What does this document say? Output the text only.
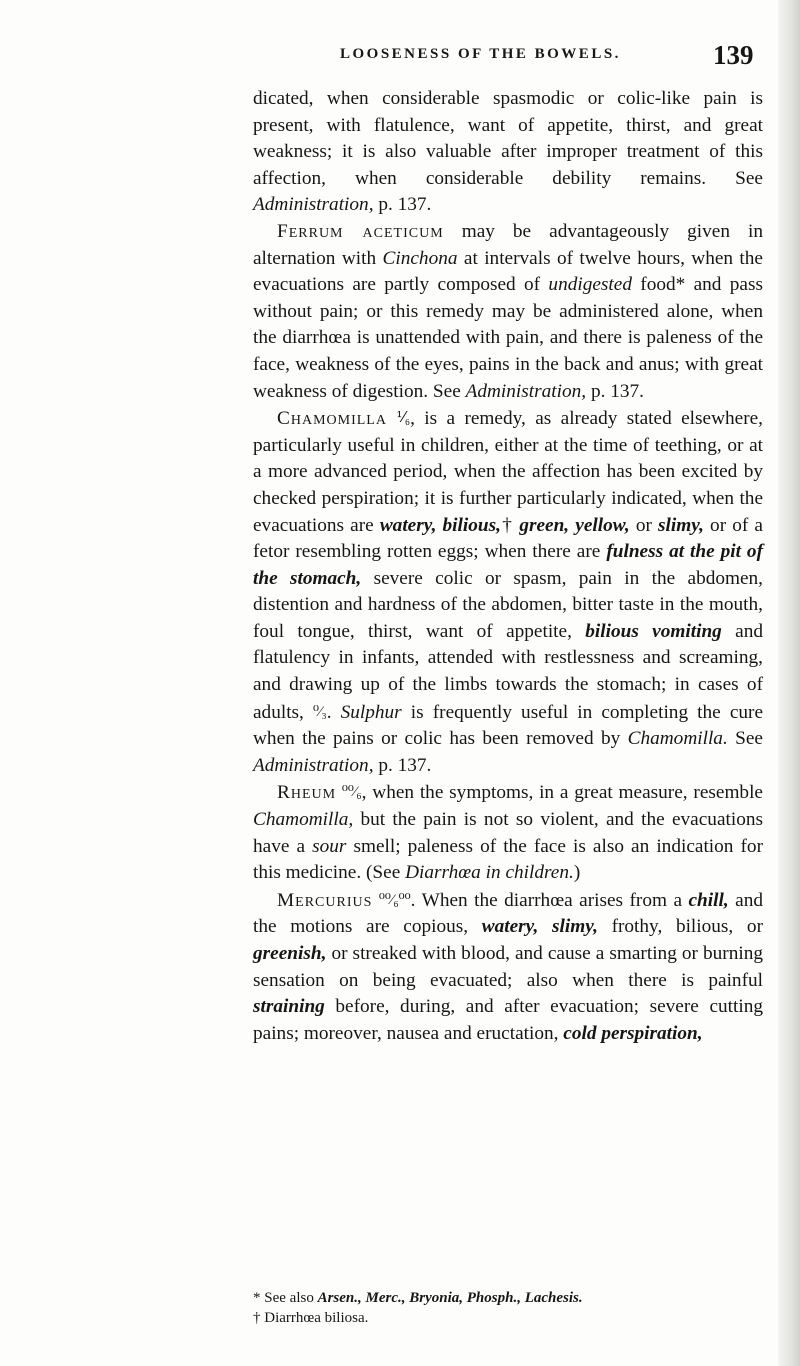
LOOSENESS OF THE BOWELS.	139

dicated, when considerable spasmodic or colic-like pain is present, with flatulence, want of appetite, thirst, and great weakness; it is also valuable after improper treatment of this affection, when considerable debility remains. See Administration, p. 137.

Ferrum aceticum may be advantageously given in alternation with Cinchona at intervals of twelve hours, when the evacuations are partly composed of undigested food* and pass without pain; or this remedy may be administered alone, when the diarrhœa is unattended with pain, and there is paleness of the face, weakness of the eyes, pains in the back and anus; with great weakness of digestion. See Administration, p. 137.

Chamomilla ⅟₆, is a remedy, as already stated elsewhere, particularly useful in children, either at the time of teething, or at a more advanced period, when the affection has been excited by checked perspiration; it is further particularly indicated, when the evacuations are watery, bilious,† green, yellow, or slimy, or of a fetor resembling rotten eggs; when there are fulness at the pit of the stomach, severe colic or spasm, pain in the abdomen, distention and hardness of the abdomen, bitter taste in the mouth, foul tongue, thirst, want of appetite, bilious vomiting and flatulency in infants, attended with restlessness and screaming, and drawing up of the limbs towards the stomach; in cases of adults, ⁰⁄₃. Sulphur is frequently useful in completing the cure when the pains or colic has been removed by Chamomilla. See Administration, p. 137.

Rheum ⁰⁰⁄₆, when the symptoms, in a great measure, resemble Chamomilla, but the pain is not so violent, and the evacuations have a sour smell; paleness of the face is also an indication for this medicine. (See Diarrhœa in children.)

Mercurius ⁰⁰⁄₆⁰⁰. When the diarrhœa arises from a chill, and the motions are copious, watery, slimy, frothy, bilious, or greenish, or streaked with blood, and cause a smarting or burning sensation on being evacuated; also when there is painful straining before, during, and after evacuation; severe cutting pains; moreover, nausea and eructation, cold perspiration,

* See also Arsen., Merc., Bryonia, Phosph., Lachesis.
† Diarrhœa biliosa.
